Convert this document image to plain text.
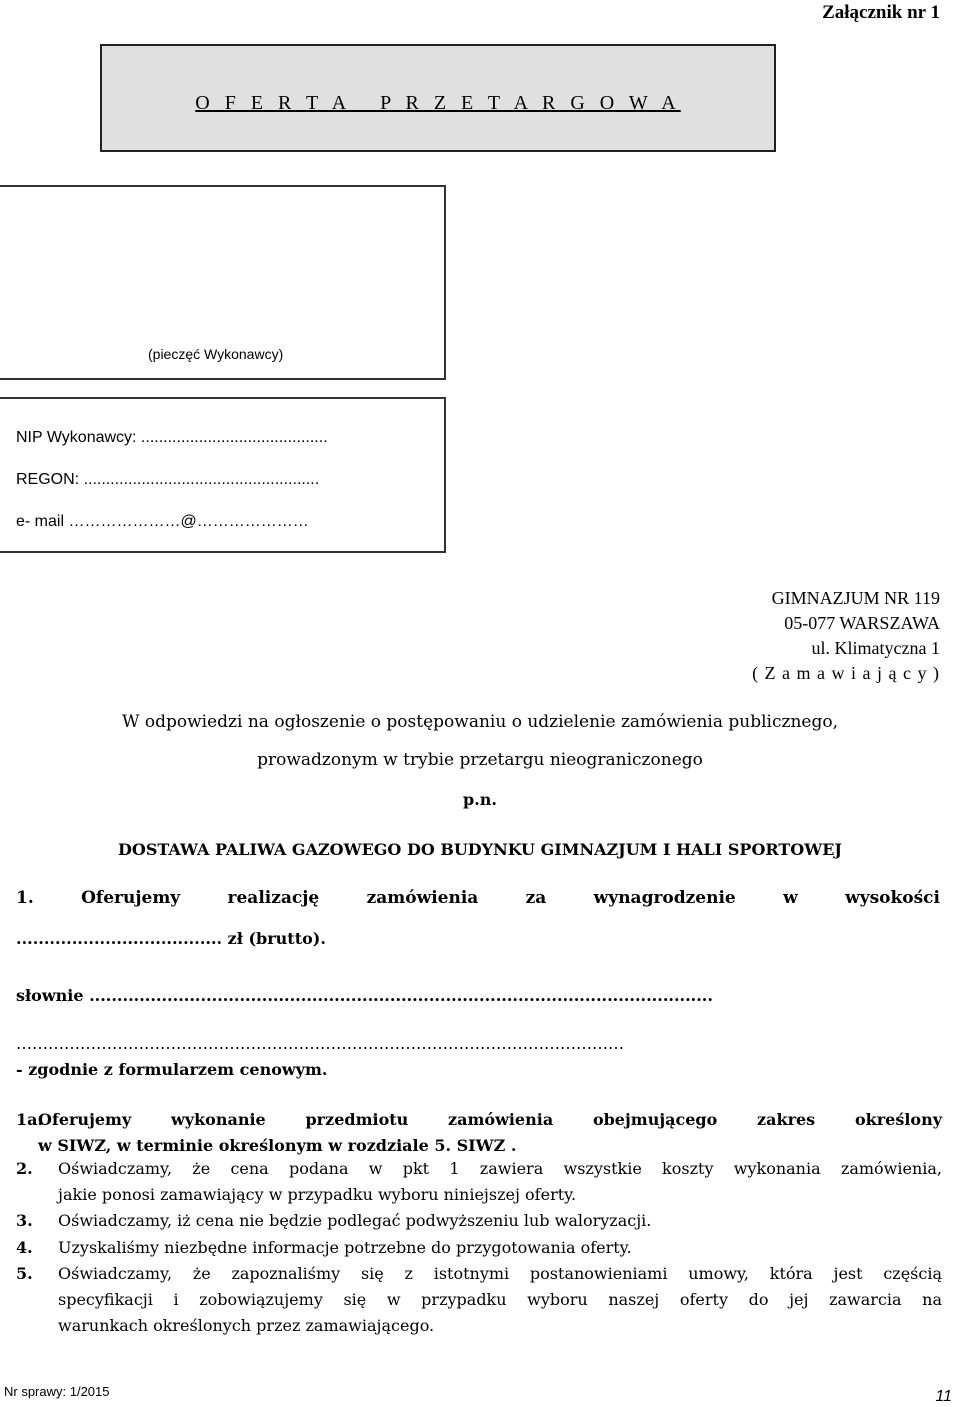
Załącznik nr 1
O F E R T A   P R Z E T A R G O W A
(pieczęć Wykonawcy)
NIP Wykonawcy: ..........................................
REGON: .....................................................
e- mail …………………@…………………
GIMNAZJUM NR 119
05-077 WARSZAWA
ul. Klimatyczna 1
( Z a m a w i a j ą c y )
W odpowiedzi na ogłoszenie o postępowaniu o udzielenie zamówienia publicznego,
prowadzonym w trybie przetargu nieograniczonego
p.n.
DOSTAWA PALIWA GAZOWEGO DO BUDYNKU GIMNAZJUM I HALI SPORTOWEJ
1. Oferujemy realizację zamówienia za wynagrodzenie w wysokości
..................................... zł (brutto).
słownie ................................................................................................................
……………………………………………………………………………………………………
- zgodnie z formularzem cenowym.
1a.
Oferujemy wykonanie przedmiotu zamówienia obejmującego zakres określony
w SIWZ, w terminie określonym w rozdziale 5. SIWZ .
2. Oświadczamy, że cena podana w pkt 1 zawiera wszystkie koszty wykonania zamówienia,
jakie ponosi zamawiający w przypadku wyboru niniejszej oferty.
3. Oświadczamy, iż cena nie będzie podlegać podwyższeniu lub waloryzacji.
4. Uzyskaliśmy niezbędne informacje potrzebne do przygotowania oferty.
5. Oświadczamy, że zapoznaliśmy się z istotnymi postanowieniami umowy, która jest częścią
specyfikacji i zobowiązujemy się w przypadku wyboru naszej oferty do jej zawarcia na
warunkach określonych przez zamawiającego.
Nr sprawy: 1/2015	11
